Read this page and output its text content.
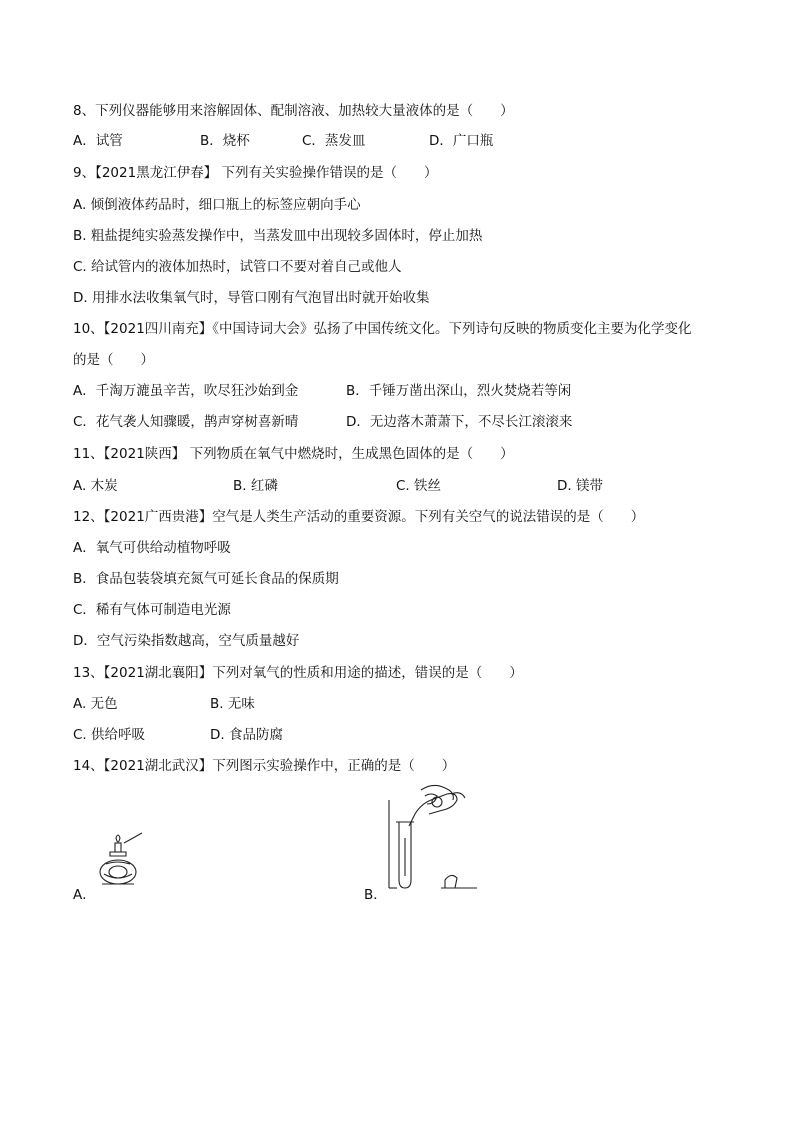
8、下列仪器能够用来溶解固体、配制溶液、加热较大量液体的是（　　）
A．试管	B．烧杯	C．蒸发皿	D．广口瓶
9、【2021黑龙江伊春】 下列有关实验操作错误的是（　　）
A. 倾倒液体药品时，细口瓶上的标签应朝向手心
B. 粗盐提纯实验蒸发操作中，当蒸发皿中出现较多固体时，停止加热
C. 给试管内的液体加热时，试管口不要对着自己或他人
D. 用排水法收集氧气时，导管口刚有气泡冒出时就开始收集
10、【2021四川南充】《中国诗词大会》弘扬了中国传统文化。下列诗句反映的物质变化主要为化学变化
的是（　　）
A．千淘万漉虽辛苦，吹尽狂沙始到金	B．千锤万凿出深山，烈火焚烧若等闲
C．花气袭人知骤暖，鹊声穿树喜新晴	D．无边落木萧萧下，不尽长江滚滚来
11、【2021陕西】 下列物质在氧气中燃烧时，生成黑色固体的是（　　）
A. 木炭	B. 红磷	C. 铁丝	D. 镁带
12、【2021广西贵港】空气是人类生产活动的重要资源。下列有关空气的说法错误的是（　　）
A．氧气可供给动植物呼吸
B．食品包装袋填充氮气可延长食品的保质期
C．稀有气体可制造电光源
D．空气污染指数越高，空气质量越好
13、【2021湖北襄阳】下列对氧气的性质和用途的描述，错误的是（　　）
A. 无色	B. 无味
C. 供给呼吸	D. 食品防腐
14、【2021湖北武汉】下列图示实验操作中，正确的是（　　）
A．	B．
